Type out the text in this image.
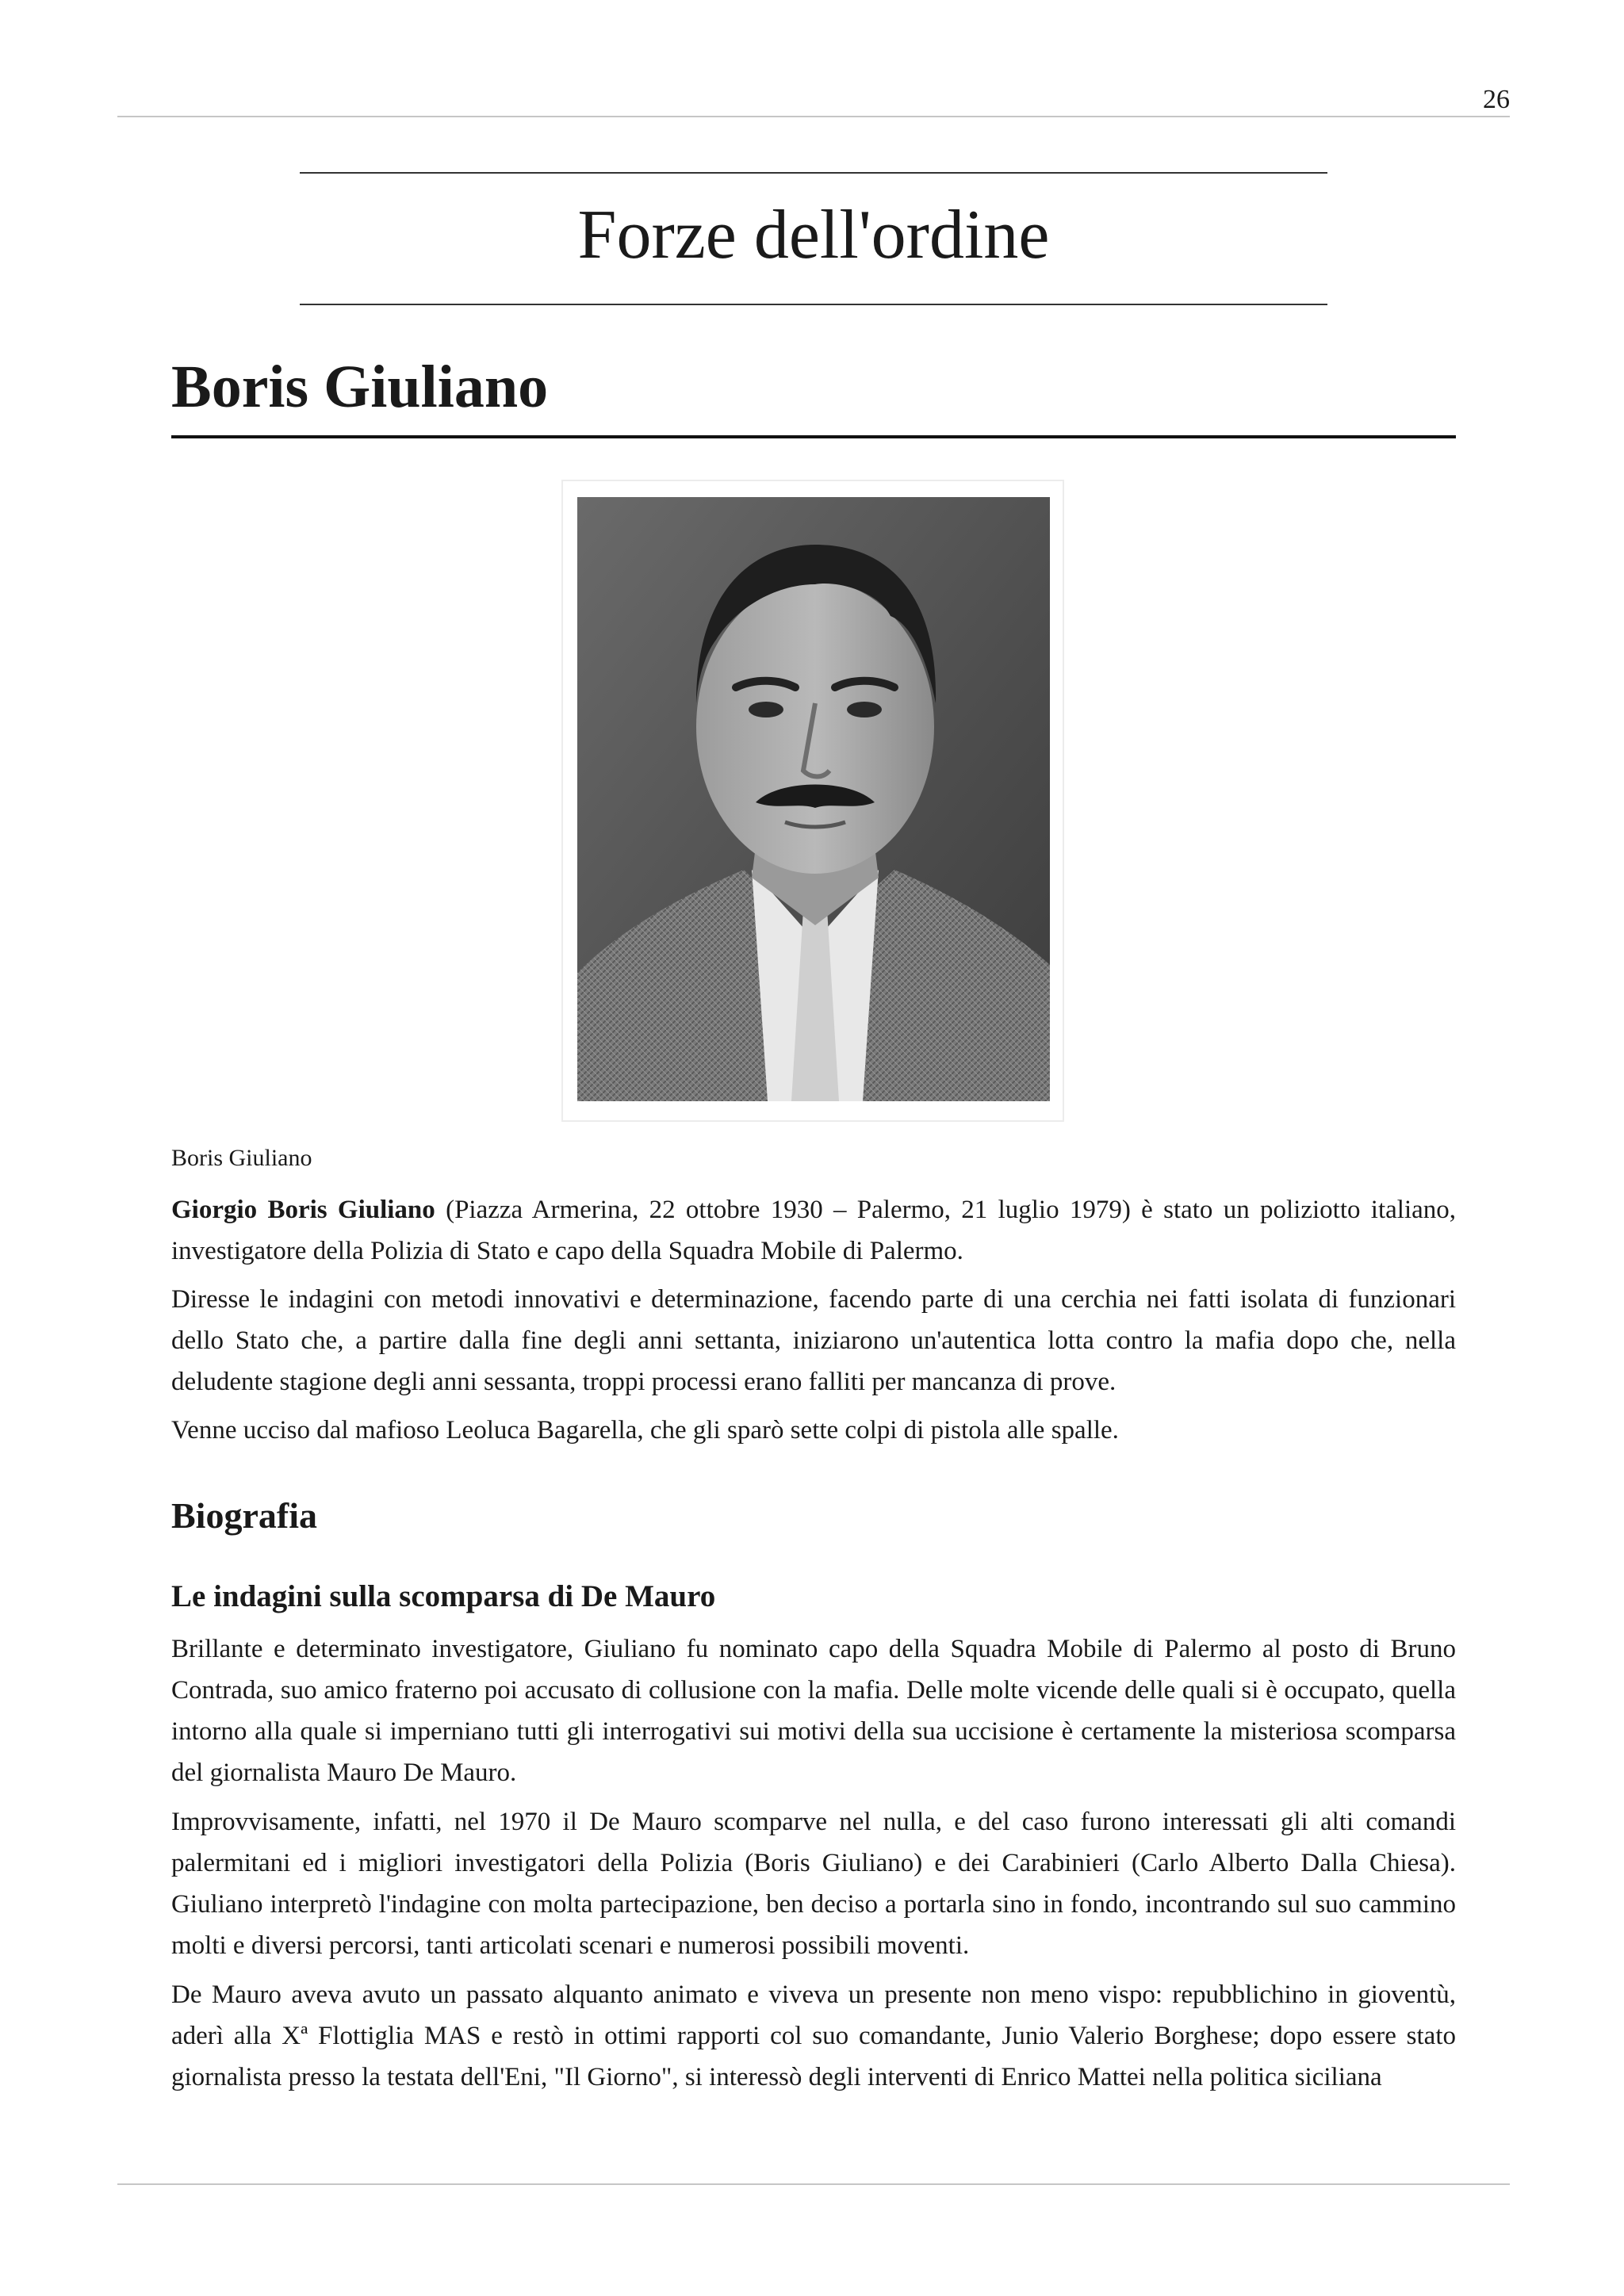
26
Forze dell'ordine
Boris Giuliano
Boris Giuliano

Giorgio Boris Giuliano (Piazza Armerina, 22 ottobre 1930 – Palermo, 21 luglio 1979) è stato un poliziotto italiano, investigatore della Polizia di Stato e capo della Squadra Mobile di Palermo.

Diresse le indagini con metodi innovativi e determinazione, facendo parte di una cerchia nei fatti isolata di funzionari dello Stato che, a partire dalla fine degli anni settanta, iniziarono un'autentica lotta contro la mafia dopo che, nella deludente stagione degli anni sessanta, troppi processi erano falliti per mancanza di prove.

Venne ucciso dal mafioso Leoluca Bagarella, che gli sparò sette colpi di pistola alle spalle.

Biografia
Le indagini sulla scomparsa di De Mauro

Brillante e determinato investigatore, Giuliano fu nominato capo della Squadra Mobile di Palermo al posto di Bruno Contrada, suo amico fraterno poi accusato di collusione con la mafia. Delle molte vicende delle quali si è occupato, quella intorno alla quale si imperniano tutti gli interrogativi sui motivi della sua uccisione è certamente la misteriosa scomparsa del giornalista Mauro De Mauro.

Improvvisamente, infatti, nel 1970 il De Mauro scomparve nel nulla, e del caso furono interessati gli alti comandi palermitani ed i migliori investigatori della Polizia (Boris Giuliano) e dei Carabinieri (Carlo Alberto Dalla Chiesa). Giuliano interpretò l'indagine con molta partecipazione, ben deciso a portarla sino in fondo, incontrando sul suo cammino molti e diversi percorsi, tanti articolati scenari e numerosi possibili moventi.

De Mauro aveva avuto un passato alquanto animato e viveva un presente non meno vispo: repubblichino in gioventù, aderì alla Xª Flottiglia MAS e restò in ottimi rapporti col suo comandante, Junio Valerio Borghese; dopo essere stato giornalista presso la testata dell'Eni, "Il Giorno", si interessò degli interventi di Enrico Mattei nella politica siciliana
